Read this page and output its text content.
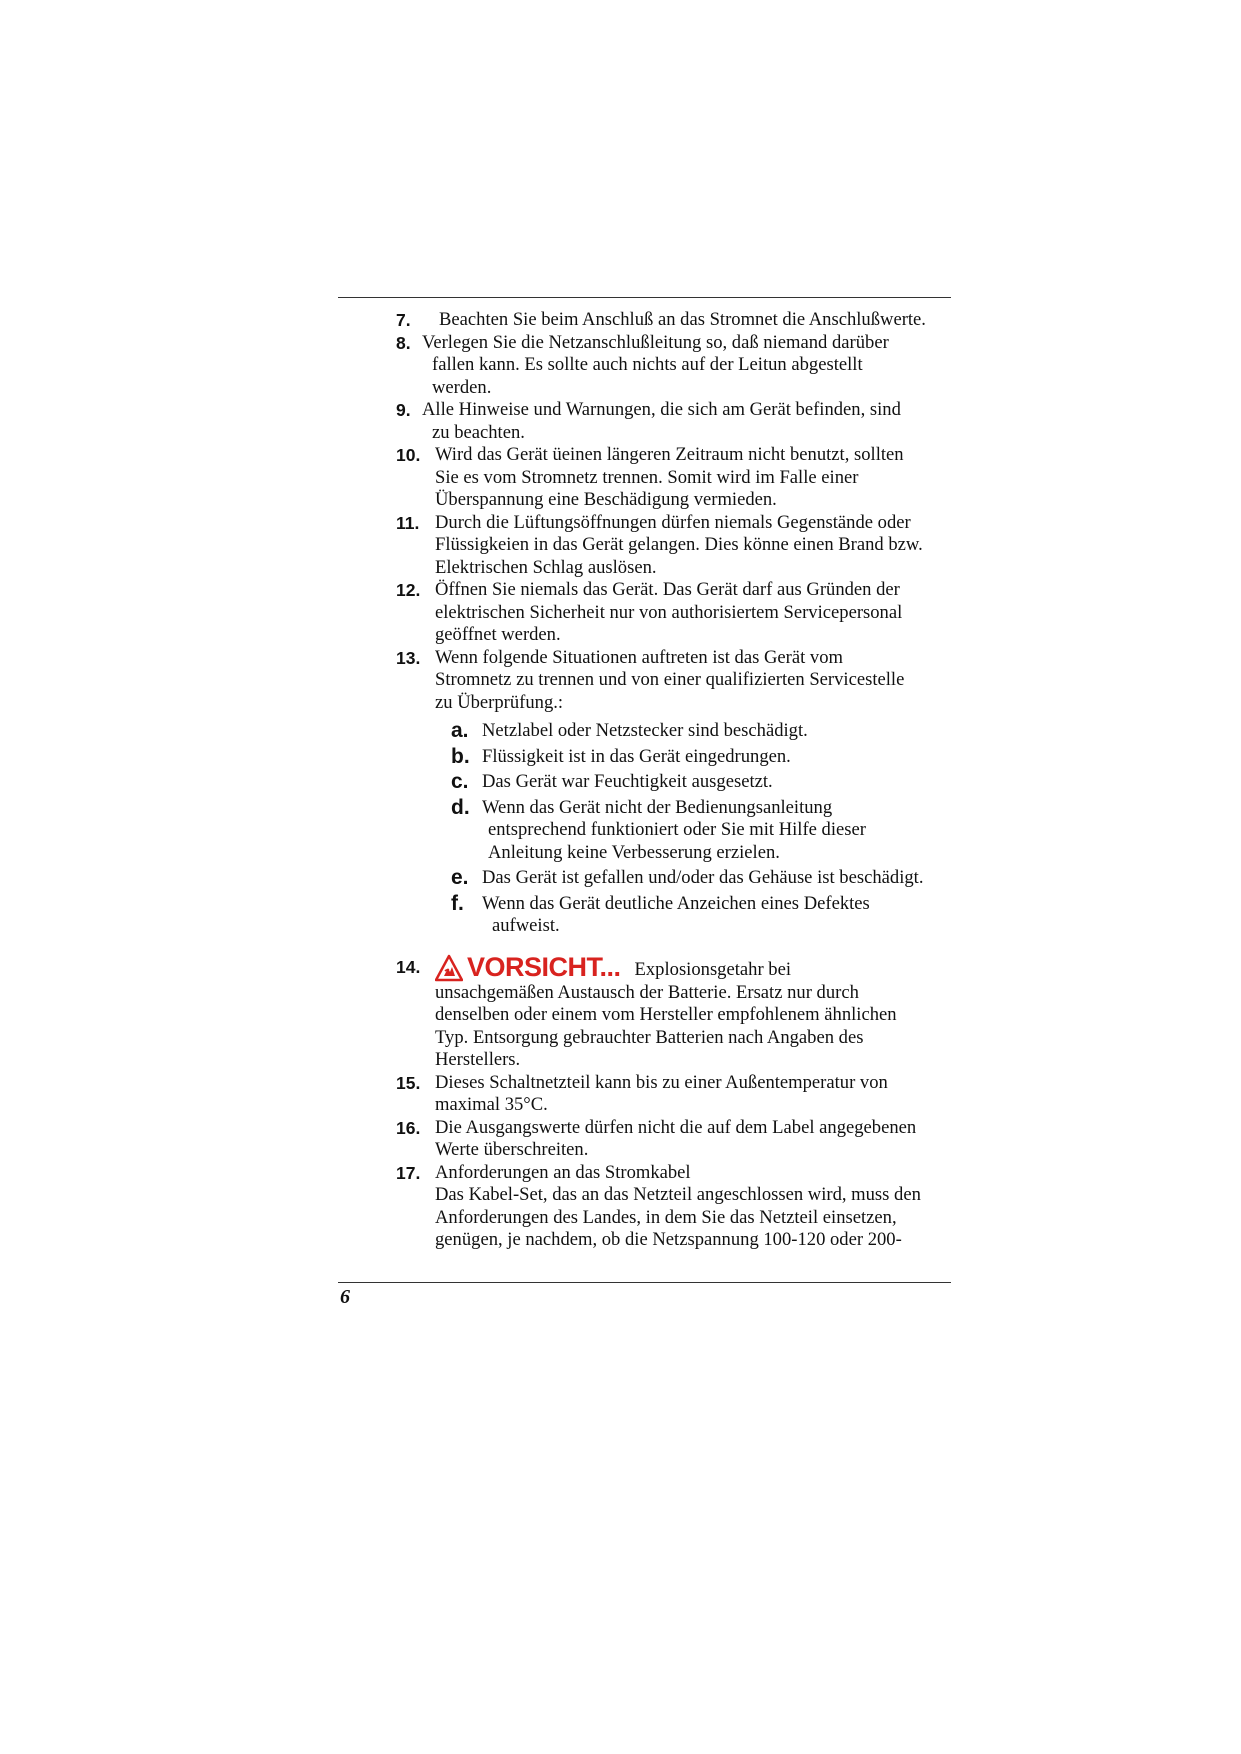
7.	Beachten Sie beim Anschluß an das Stromnet die Anschlußwerte.
8. Verlegen Sie die Netzanschlußleitung so, daß niemand darüber
fallen kann. Es sollte auch nichts auf der Leitun abgestellt
werden.
9. Alle Hinweise und Warnungen, die sich am Gerät befinden, sind
zu beachten.
10. Wird das Gerät üeinen längeren Zeitraum nicht benutzt, sollten
Sie es vom Stromnetz trennen. Somit wird im Falle einer
Überspannung eine Beschädigung vermieden.
11. Durch die Lüftungsöffnungen dürfen niemals Gegenstände oder
Flüssigkeien in das Gerät gelangen. Dies könne einen Brand bzw.
Elektrischen Schlag auslösen.
12. Öffnen Sie niemals das Gerät. Das Gerät darf aus Gründen der
elektrischen Sicherheit nur von authorisiertem Servicepersonal
geöffnet werden.
13. Wenn folgende Situationen auftreten ist das Gerät vom
Stromnetz zu trennen und von einer qualifizierten Servicestelle
zu Überprüfung.:
a. Netzlabel oder Netzstecker sind beschädigt.
b. Flüssigkeit ist in das Gerät eingedrungen.
c. Das Gerät war Feuchtigkeit ausgesetzt.
d. Wenn das Gerät nicht der Bedienungsanleitung
entsprechend funktioniert oder Sie mit Hilfe dieser
Anleitung keine Verbesserung erzielen.
e. Das Gerät ist gefallen und/oder das Gehäuse ist beschädigt.
f. Wenn das Gerät deutliche Anzeichen eines Defektes
aufweist.
14.	VORSICHT... Explosionsgetahr bei
unsachgemäßen Austausch der Batterie. Ersatz nur durch
denselben oder einem vom Hersteller empfohlenem ähnlichen
Typ. Entsorgung gebrauchter Batterien nach Angaben des
Herstellers.
15. Dieses Schaltnetzteil kann bis zu einer Außentemperatur von
maximal 35°C.
16. Die Ausgangswerte dürfen nicht die auf dem Label angegebenen
Werte überschreiten.
17. Anforderungen an das Stromkabel
Das Kabel-Set, das an das Netzteil angeschlossen wird, muss den
Anforderungen des Landes, in dem Sie das Netzteil einsetzen,
genügen, je nachdem, ob die Netzspannung 100-120 oder 200-
6
